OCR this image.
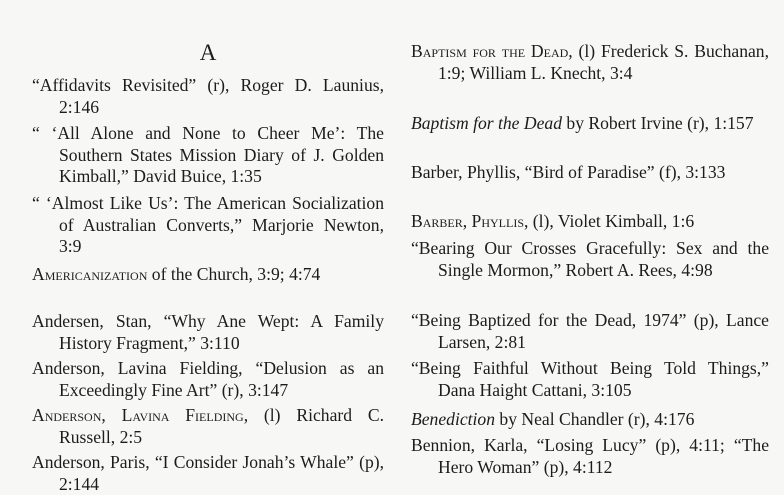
A
“Affidavits Revisited” (r), Roger D. Launius, 2:146
“ ‘All Alone and None to Cheer Me’: The Southern States Mission Diary of J. Golden Kimball,” David Buice, 1:35
“ ‘Almost Like Us’: The American Socialization of Australian Converts,” Marjorie Newton, 3:9
Americanization of the Church, 3:9; 4:74
Andersen, Stan, “Why Ane Wept: A Family History Fragment,” 3:110
Anderson, Lavina Fielding, “Delusion as an Exceedingly Fine Art” (r), 3:147
Anderson, Lavina Fielding, (l) Richard C. Russell, 2:5
Anderson, Paris, “I Consider Jonah’s Whale” (p), 2:144
Baptism for the Dead, (l) Frederick S. Buchanan, 1:9; William L. Knecht, 3:4
Baptism for the Dead by Robert Irvine (r), 1:157
Barber, Phyllis, “Bird of Paradise” (f), 3:133
Barber, Phyllis, (l), Violet Kimball, 1:6
“Bearing Our Crosses Gracefully: Sex and the Single Mormon,” Robert A. Rees, 4:98
“Being Baptized for the Dead, 1974” (p), Lance Larsen, 2:81
“Being Faithful Without Being Told Things,” Dana Haight Cattani, 3:105
Benediction by Neal Chandler (r), 4:176
Bennion, Karla, “Losing Lucy” (p), 4:11; “The Hero Woman” (p), 4:112
